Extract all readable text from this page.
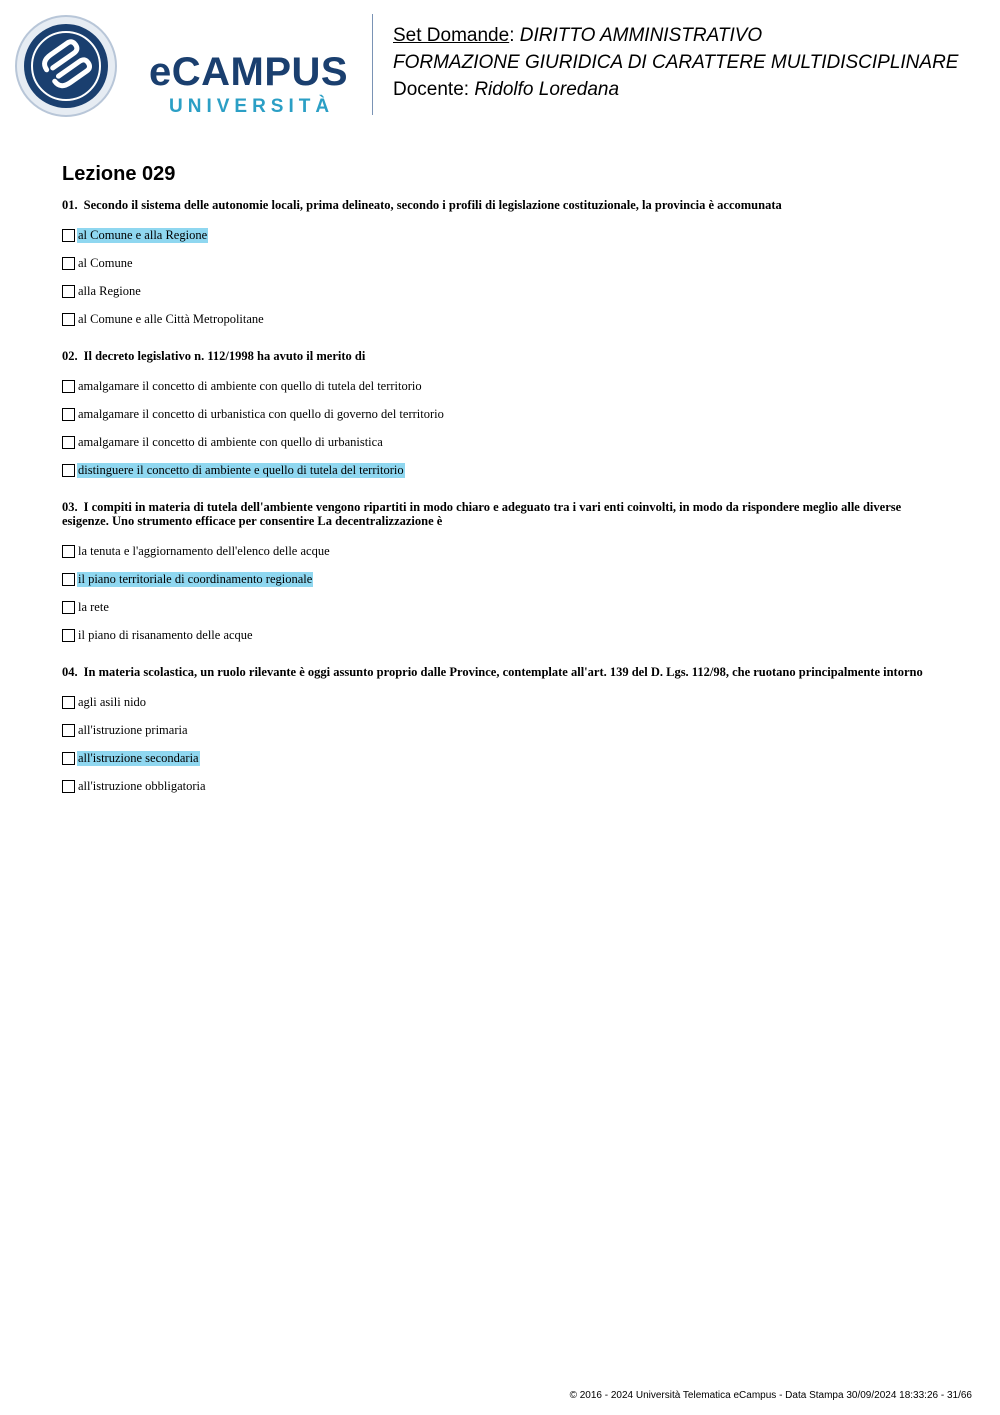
eCAMPUS
UNIVERSITÀ
Set Domande: DIRITTO AMMINISTRATIVO
FORMAZIONE GIURIDICA DI CARATTERE MULTIDISCIPLINARE
Docente: Ridolfo Loredana
Lezione 029

01. Secondo il sistema delle autonomie locali, prima delineato, secondo i profili di legislazione costituzionale, la provincia è accomunata

al Comune e alla Regione
al Comune
alla Regione
al Comune e alle Città Metropolitane

02. Il decreto legislativo n. 112/1998 ha avuto il merito di

amalgamare il concetto di ambiente con quello di tutela del territorio
amalgamare il concetto di urbanistica con quello di governo del territorio
amalgamare il concetto di ambiente con quello di urbanistica
distinguere il concetto di ambiente e quello di tutela del territorio

03. I compiti in materia di tutela dell'ambiente vengono ripartiti in modo chiaro e adeguato tra i vari enti coinvolti, in modo da rispondere meglio alle diverse esigenze. Uno strumento efficace per consentire La decentralizzazione è

la tenuta e l'aggiornamento dell'elenco delle acque
il piano territoriale di coordinamento regionale
la rete
il piano di risanamento delle acque

04. In materia scolastica, un ruolo rilevante è oggi assunto proprio dalle Province, contemplate all'art. 139 del D. Lgs. 112/98, che ruotano principalmente intorno

agli asili nido
all'istruzione primaria
all'istruzione secondaria
all'istruzione obbligatoria
© 2016 - 2024 Università Telematica eCampus - Data Stampa 30/09/2024 18:33:26 - 31/66
